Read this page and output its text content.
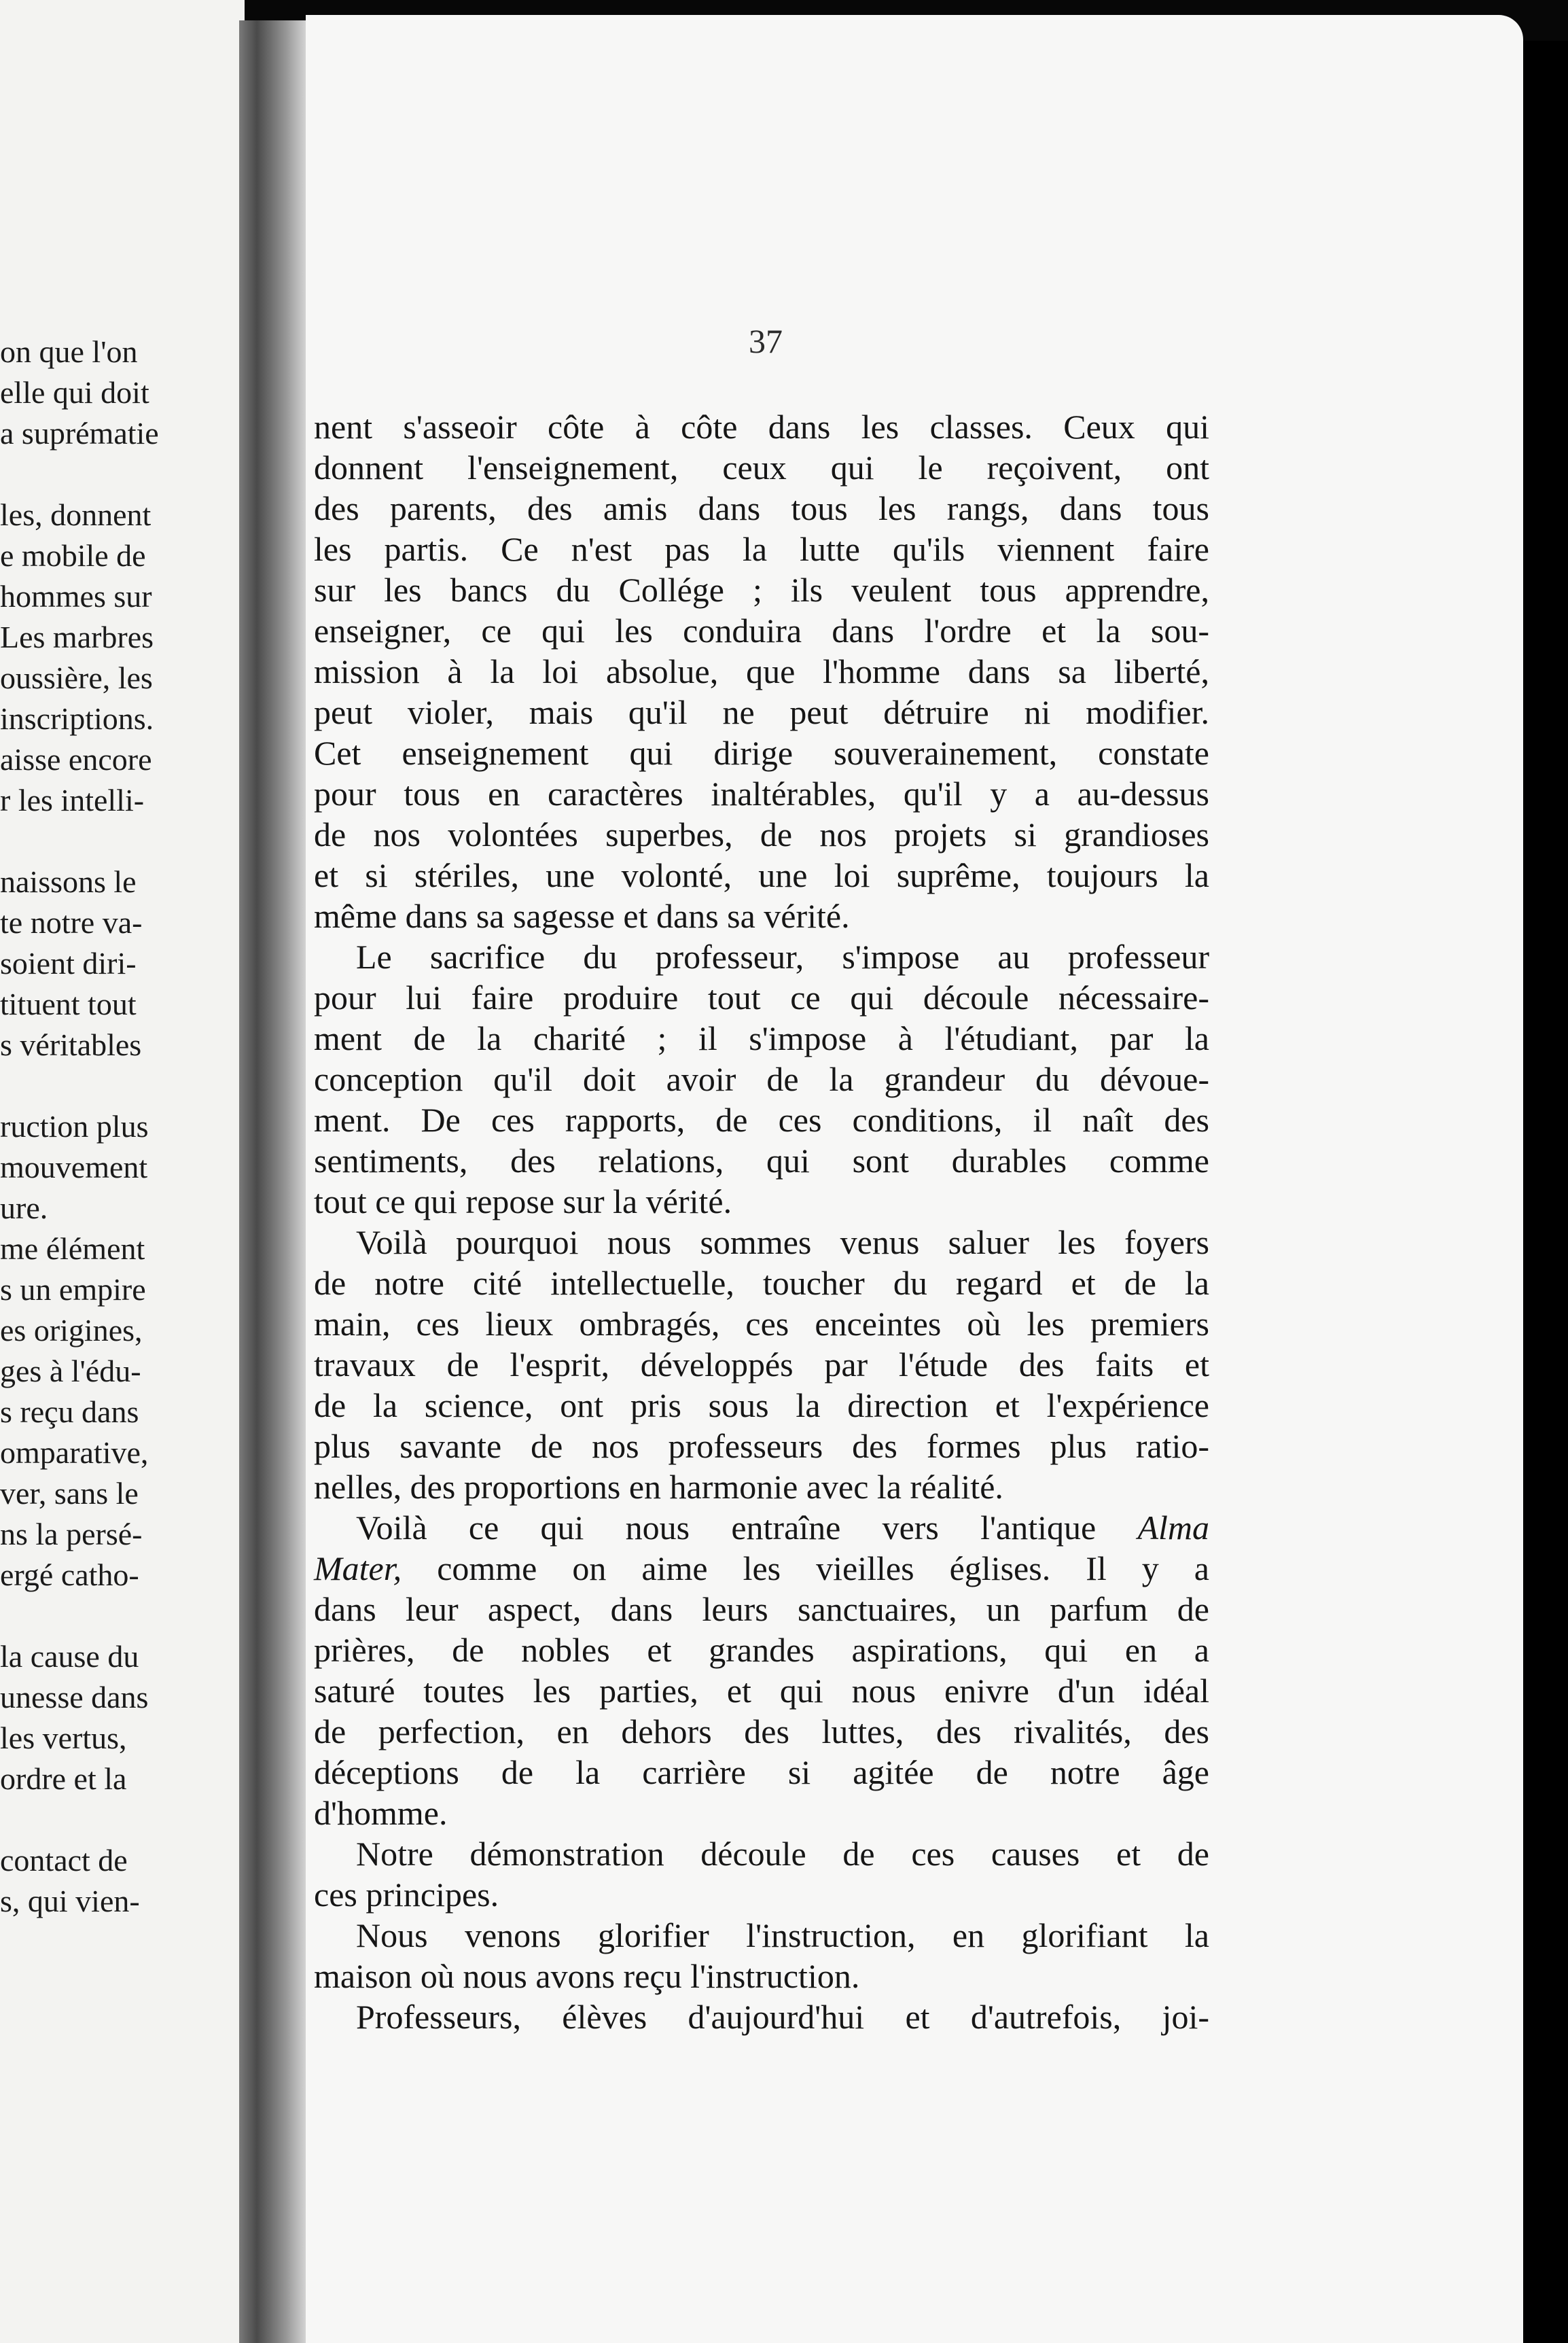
on que l'on
elle qui doit
a suprématie
les, donnent
e mobile de
hommes sur
Les marbres
oussière, les
inscriptions.
aisse encore
r les intelli-
naissons le
te notre va-
soient diri-
tituent tout
s véritables
ruction plus
mouvement
ure.
me élément
s un empire
es origines,
ges à l'édu-
s reçu dans
omparative,
ver, sans le
ns la persé-
ergé catho-
la cause du
unesse dans
les vertus,
ordre et la
contact de
s, qui vien-
37
nent s'asseoir côte à côte dans les classes. Ceux qui
donnent l'enseignement, ceux qui le reçoivent, ont
des parents, des amis dans tous les rangs, dans tous
les partis. Ce n'est pas la lutte qu'ils viennent faire
sur les bancs du Collége ; ils veulent tous apprendre,
enseigner, ce qui les conduira dans l'ordre et la sou-
mission à la loi absolue, que l'homme dans sa liberté,
peut violer, mais qu'il ne peut détruire ni modifier.
Cet enseignement qui dirige souverainement, constate
pour tous en caractères inaltérables, qu'il y a au-dessus
de nos volontées superbes, de nos projets si grandioses
et si stériles, une volonté, une loi suprême, toujours la
même dans sa sagesse et dans sa vérité.
Le sacrifice du professeur, s'impose au professeur
pour lui faire produire tout ce qui découle nécessaire-
ment de la charité ; il s'impose à l'étudiant, par la
conception qu'il doit avoir de la grandeur du dévoue-
ment. De ces rapports, de ces conditions, il naît des
sentiments, des relations, qui sont durables comme
tout ce qui repose sur la vérité.
Voilà pourquoi nous sommes venus saluer les foyers
de notre cité intellectuelle, toucher du regard et de la
main, ces lieux ombragés, ces enceintes où les premiers
travaux de l'esprit, développés par l'étude des faits et
de la science, ont pris sous la direction et l'expérience
plus savante de nos professeurs des formes plus ratio-
nelles, des proportions en harmonie avec la réalité.
Voilà ce qui nous entraîne vers l'antique Alma
Mater, comme on aime les vieilles églises. Il y a
dans leur aspect, dans leurs sanctuaires, un parfum de
prières, de nobles et grandes aspirations, qui en a
saturé toutes les parties, et qui nous enivre d'un idéal
de perfection, en dehors des luttes, des rivalités, des
déceptions de la carrière si agitée de notre âge
d'homme.
Notre démonstration découle de ces causes et de
ces principes.
Nous venons glorifier l'instruction, en glorifiant la
maison où nous avons reçu l'instruction.
Professeurs, élèves d'aujourd'hui et d'autrefois, joi-
